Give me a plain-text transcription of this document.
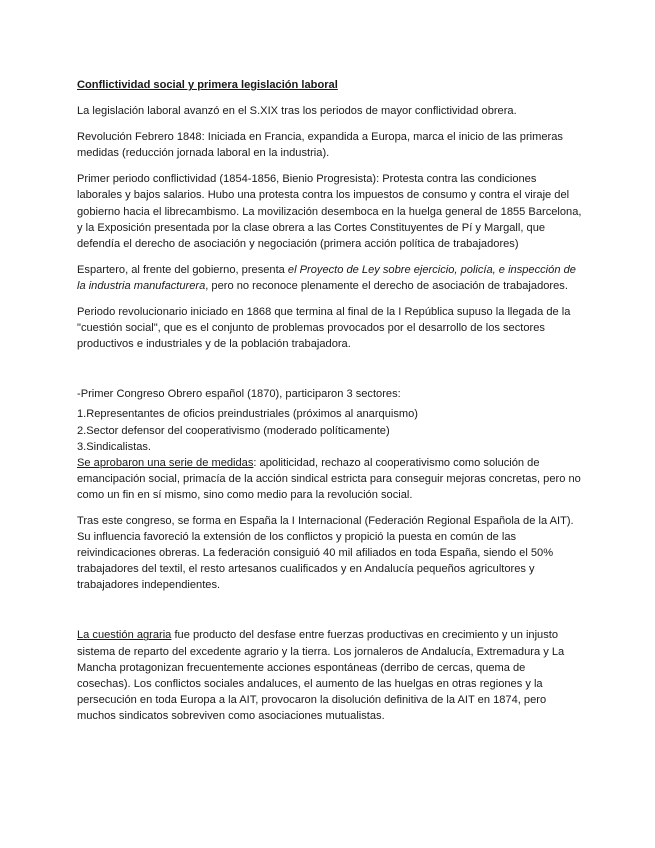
Conflictividad social y primera legislación laboral

La legislación laboral avanzó en el S.XIX tras los periodos de mayor conflictividad obrera.

Revolución Febrero 1848: Iniciada en Francia, expandida a Europa, marca el inicio de las primeras medidas (reducción jornada laboral en la industria).

Primer periodo conflictividad (1854-1856, Bienio Progresista): Protesta contra las condiciones laborales y bajos salarios. Hubo una protesta contra los impuestos de consumo y contra el viraje del gobierno hacia el librecambismo. La movilización desemboca en la huelga general de 1855 Barcelona, y la Exposición presentada por la clase obrera a las Cortes Constituyentes de Pí y Margall, que defendía el derecho de asociación y negociación (primera acción política de trabajadores)

Espartero, al frente del gobierno, presenta el Proyecto de Ley sobre ejercicio, policía, e inspección de la industria manufacturera, pero no reconoce plenamente el derecho de asociación de trabajadores.

Periodo revolucionario iniciado en 1868 que termina al final de la I República supuso la llegada de la "cuestión social", que es el conjunto de problemas provocados por el desarrollo de los sectores productivos e industriales y de la población trabajadora.

-Primer Congreso Obrero español (1870), participaron 3 sectores:

1.Representantes de oficios preindustriales (próximos al anarquismo)

2.Sector defensor del cooperativismo (moderado políticamente)

3.Sindicalistas.

Se aprobaron una serie de medidas: apoliticidad, rechazo al cooperativismo como solución de emancipación social, primacía de la acción sindical estricta para conseguir mejoras concretas, pero no como un fin en sí mismo, sino como medio para la revolución social.

Tras este congreso, se forma en España la I Internacional (Federación Regional Española de la AIT). Su influencia favoreció la extensión de los conflictos y propició la puesta en común de las reivindicaciones obreras. La federación consiguió 40 mil afiliados en toda España, siendo el 50% trabajadores del textil, el resto artesanos cualificados y en Andalucía pequeños agricultores y trabajadores independientes.

La cuestión agraria fue producto del desfase entre fuerzas productivas en crecimiento y un injusto sistema de reparto del excedente agrario y la tierra. Los jornaleros de Andalucía, Extremadura y La Mancha protagonizan frecuentemente acciones espontáneas (derribo de cercas, quema de cosechas). Los conflictos sociales andaluces, el aumento de las huelgas en otras regiones y la persecución en toda Europa a la AIT, provocaron la disolución definitiva de la AIT en 1874, pero muchos sindicatos sobreviven como asociaciones mutualistas.
